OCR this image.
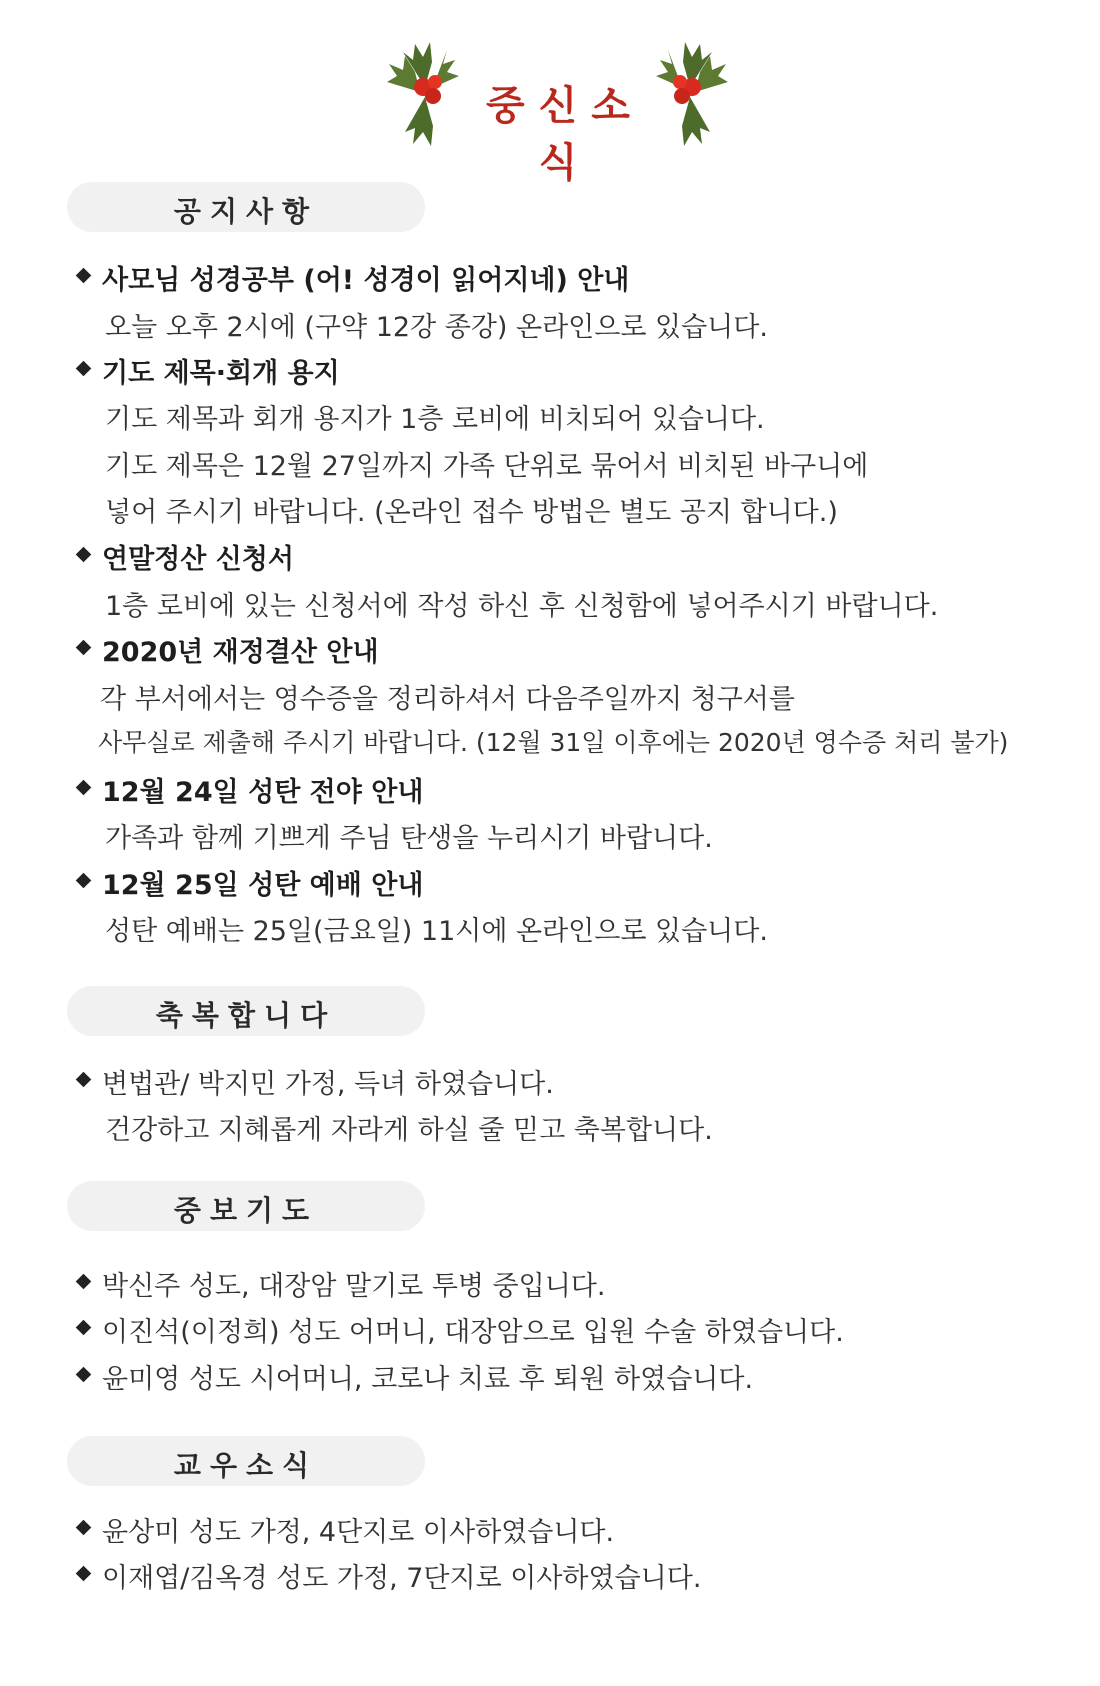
중신소식
공지사항
사모님 성경공부 (어! 성경이 읽어지네) 안내
오늘 오후 2시에 (구약 12강 종강) 온라인으로 있습니다.
기도 제목·회개 용지
기도 제목과 회개 용지가 1층 로비에 비치되어 있습니다.
기도 제목은 12월 27일까지 가족 단위로 묶어서 비치된 바구니에
넣어 주시기 바랍니다. (온라인 접수 방법은 별도 공지 합니다.)
연말정산 신청서
1층 로비에 있는 신청서에 작성 하신 후 신청함에 넣어주시기 바랍니다.
2020년 재정결산 안내
각 부서에서는 영수증을 정리하셔서 다음주일까지 청구서를
사무실로 제출해 주시기 바랍니다. (12월 31일 이후에는 2020년 영수증 처리 불가)
12월 24일 성탄 전야 안내
가족과 함께 기쁘게 주님 탄생을 누리시기 바랍니다.
12월 25일 성탄 예배 안내
성탄 예배는 25일(금요일) 11시에 온라인으로 있습니다.
축복합니다
변법관/ 박지민 가정, 득녀 하였습니다.
건강하고 지혜롭게 자라게 하실 줄 믿고 축복합니다.
중보기도
박신주 성도, 대장암 말기로 투병 중입니다.
이진석(이정희) 성도 어머니, 대장암으로 입원 수술 하였습니다.
윤미영 성도 시어머니, 코로나 치료 후 퇴원 하였습니다.
교우소식
윤상미 성도 가정, 4단지로 이사하였습니다.
이재엽/김옥경 성도 가정, 7단지로 이사하였습니다.
